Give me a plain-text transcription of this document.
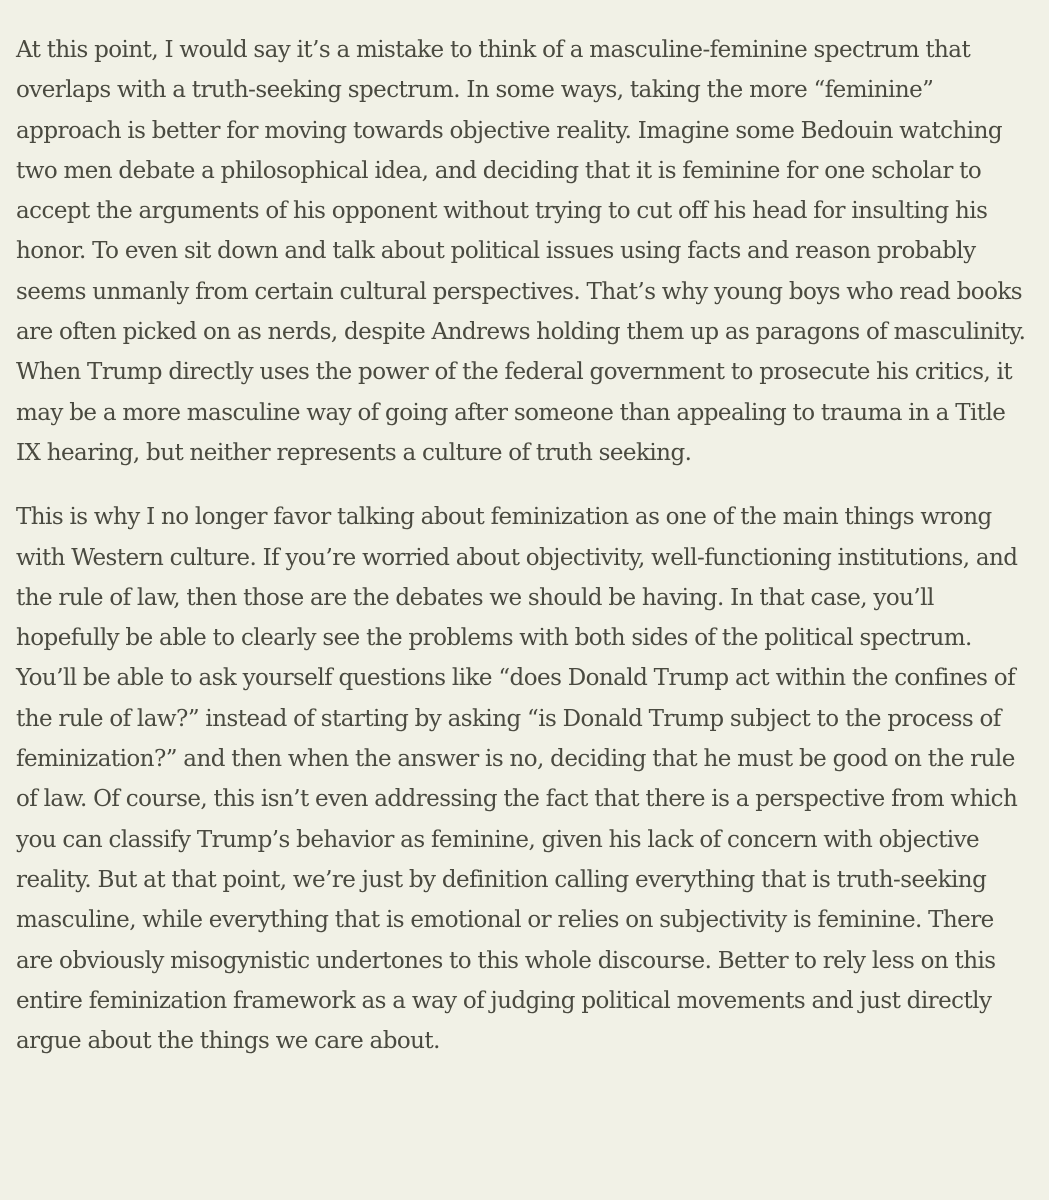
At this point, I would say it’s a mistake to think of a masculine-feminine spectrum that overlaps with a truth-seeking spectrum. In some ways, taking the more “feminine” approach is better for moving towards objective reality. Imagine some Bedouin watching two men debate a philosophical idea, and deciding that it is feminine for one scholar to accept the arguments of his opponent without trying to cut off his head for insulting his honor. To even sit down and talk about political issues using facts and reason probably seems unmanly from certain cultural perspectives. That’s why young boys who read books are often picked on as nerds, despite Andrews holding them up as paragons of masculinity. When Trump directly uses the power of the federal government to prosecute his critics, it may be a more masculine way of going after someone than appealing to trauma in a Title IX hearing, but neither represents a culture of truth seeking.

This is why I no longer favor talking about feminization as one of the main things wrong with Western culture. If you’re worried about objectivity, well-functioning institutions, and the rule of law, then those are the debates we should be having. In that case, you’ll hopefully be able to clearly see the problems with both sides of the political spectrum. You’ll be able to ask yourself questions like “does Donald Trump act within the confines of the rule of law?” instead of starting by asking “is Donald Trump subject to the process of feminization?” and then when the answer is no, deciding that he must be good on the rule of law. Of course, this isn’t even addressing the fact that there is a perspective from which you can classify Trump’s behavior as feminine, given his lack of concern with objective reality. But at that point, we’re just by definition calling everything that is truth-seeking masculine, while everything that is emotional or relies on subjectivity is feminine. There are obviously misogynistic undertones to this whole discourse. Better to rely less on this entire feminization framework as a way of judging political movements and just directly argue about the things we care about.
